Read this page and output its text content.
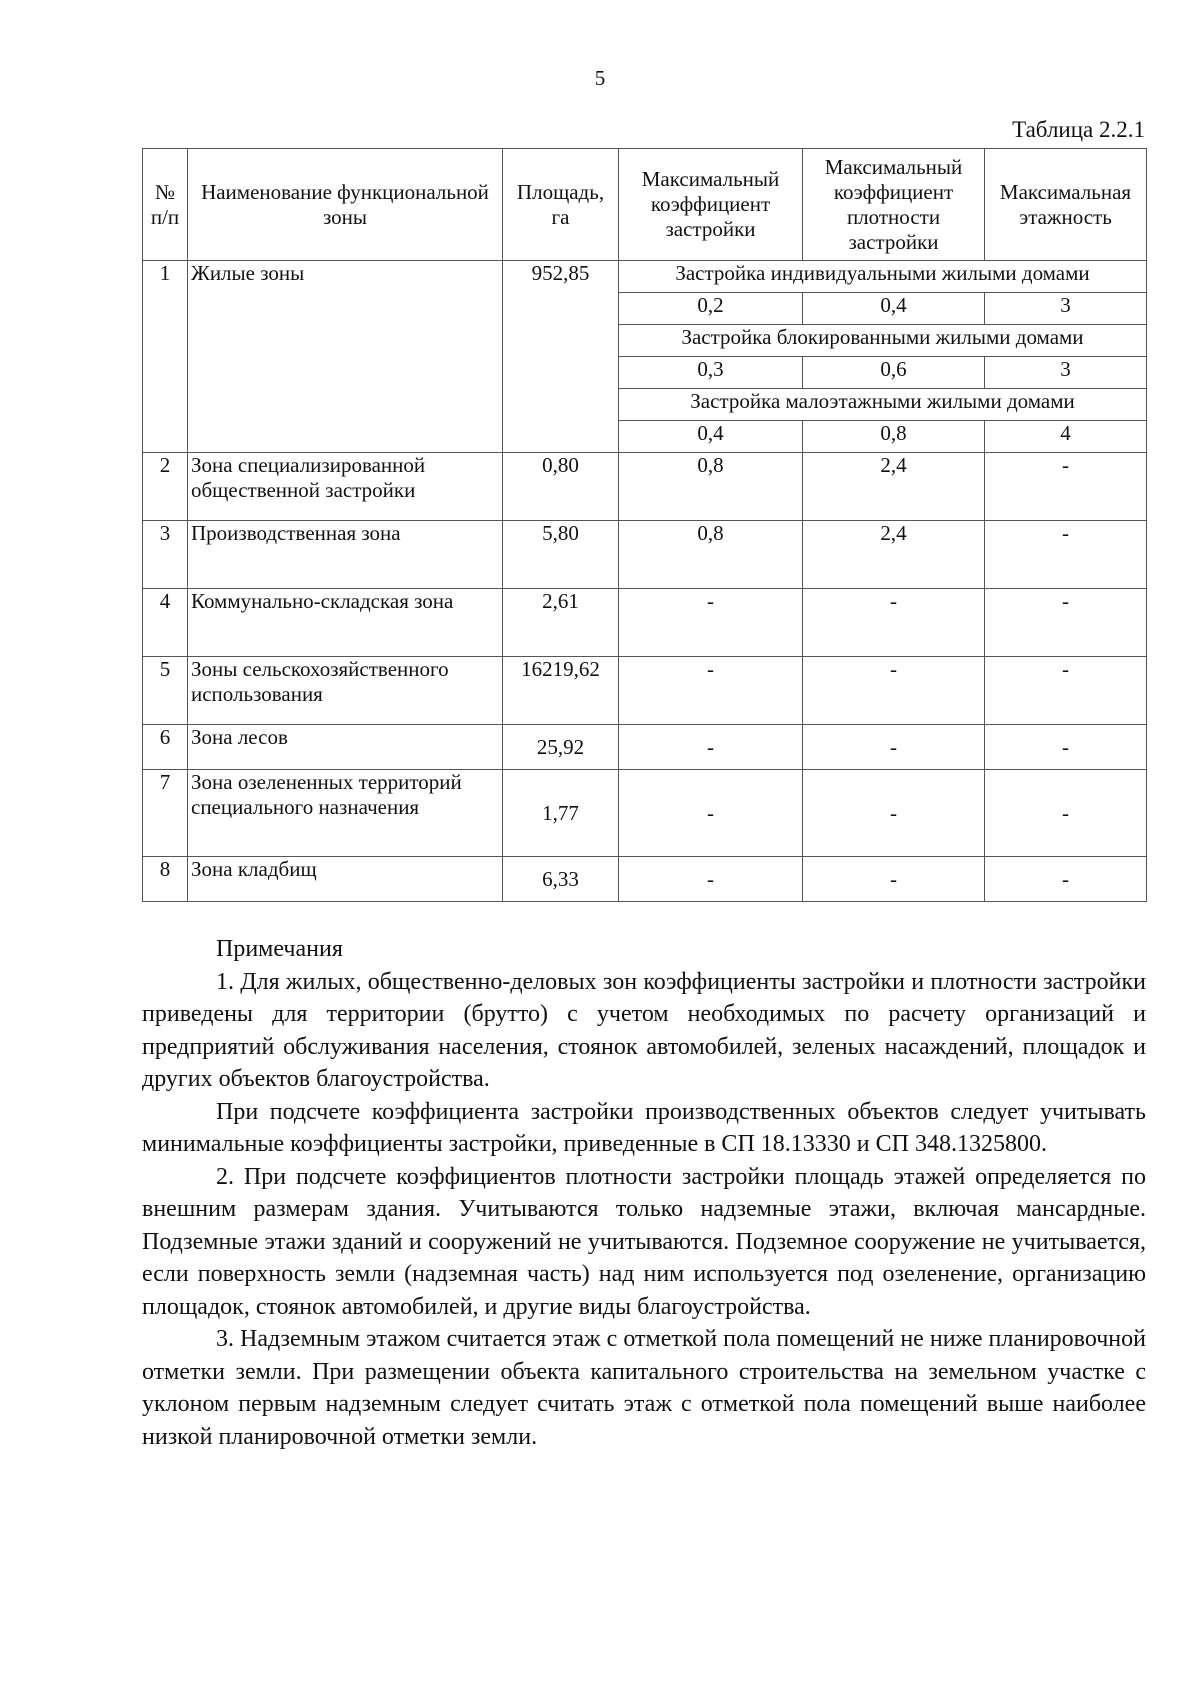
5
Таблица 2.2.1
№ п/п	Наименование функциональной зоны	Площадь, га	Максимальный коэффициент застройки	Максимальный коэффициент плотности застройки	Максимальная этажность
1	Жилые зоны	952,85	Застройка индивидуальными жилыми домами		
			0,2	0,4	3
			Застройка блокированными жилыми домами		
			0,3	0,6	3
			Застройка малоэтажными жилыми домами		
			0,4	0,8	4
2	Зона специализированной общественной застройки	0,80	0,8	2,4	-
3	Производственная зона	5,80	0,8	2,4	-
4	Коммунально-складская зона	2,61	-	-	-
5	Зоны сельскохозяйственного использования	16219,62	-	-	-
6	Зона лесов	25,92	-	-	-
7	Зона озелененных территорий специального назначения	1,77	-	-	-
8	Зона кладбищ	6,33	-	-	-

Примечания

1. Для жилых, общественно-деловых зон коэффициенты застройки и плотности застройки приведены для территории (брутто) с учетом необходимых по расчету организаций и предприятий обслуживания населения, стоянок автомобилей, зеленых насаждений, площадок и других объектов благоустройства.

При подсчете коэффициента застройки производственных объектов следует учитывать минимальные коэффициенты застройки, приведенные в СП 18.13330 и СП 348.1325800.

2. При подсчете коэффициентов плотности застройки площадь этажей определяется по внешним размерам здания. Учитываются только надземные этажи, включая мансардные. Подземные этажи зданий и сооружений не учитываются. Подземное сооружение не учитывается, если поверхность земли (надземная часть) над ним используется под озеленение, организацию площадок, стоянок автомобилей, и другие виды благоустройства.

3. Надземным этажом считается этаж с отметкой пола помещений не ниже планировочной отметки земли. При размещении объекта капитального строительства на земельном участке с уклоном первым надземным следует считать этаж с отметкой пола помещений выше наиболее низкой планировочной отметки земли.
